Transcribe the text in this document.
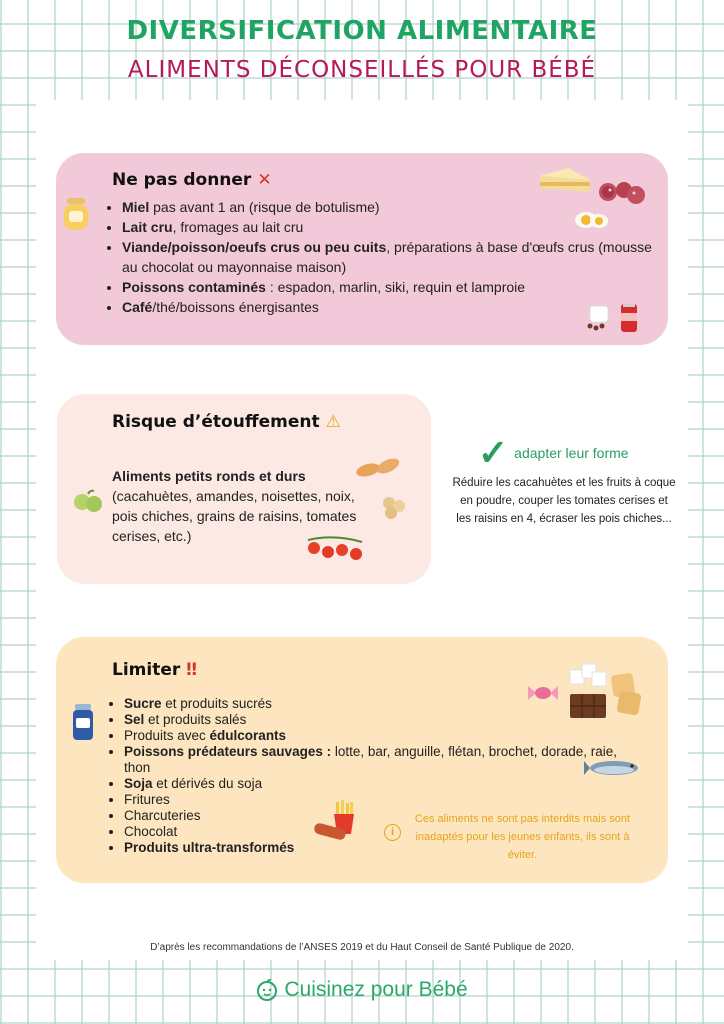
DIVERSIFICATION ALIMENTAIRE
ALIMENTS DÉCONSEILLÉS POUR BÉBÉ
Ne pas donner ✕
• Miel pas avant 1 an (risque de botulisme)
• Lait cru, fromages au lait cru
• Viande/poisson/oeufs crus ou peu cuits, préparations à base d'œufs crus (mousse au chocolat ou mayonnaise maison)
• Poissons contaminés : espadon, marlin, siki, requin et lamproie
• Café/thé/boissons énergisantes
Risque d’étouffement ⚠

Aliments petits ronds et durs
(cacahuètes, amandes, noisettes, noix, pois chiches, grains de raisins, tomates cerises, etc.)

✓ adapter leur forme

Réduire les cacahuètes et les fruits à coque en poudre, couper les tomates cerises et les raisins en 4, écraser les pois chiches...

Limiter ‼
• Sucre et produits sucrés
• Sel et produits salés
• Produits avec édulcorants
• Poissons prédateurs sauvages : lotte, bar, anguille, flétan, brochet, dorade, raie, thon
• Soja et dérivés du soja
• Fritures
• Charcuteries
• Chocolat
• Produits ultra-transformés
i

Ces aliments ne sont pas interdits mais sont inadaptés pour les jeunes enfants, ils sont à éviter.

D’après les recommandations de l’ANSES 2019 et du Haut Conseil de Santé Publique de 2020.

Cuisinez pour Bébé
